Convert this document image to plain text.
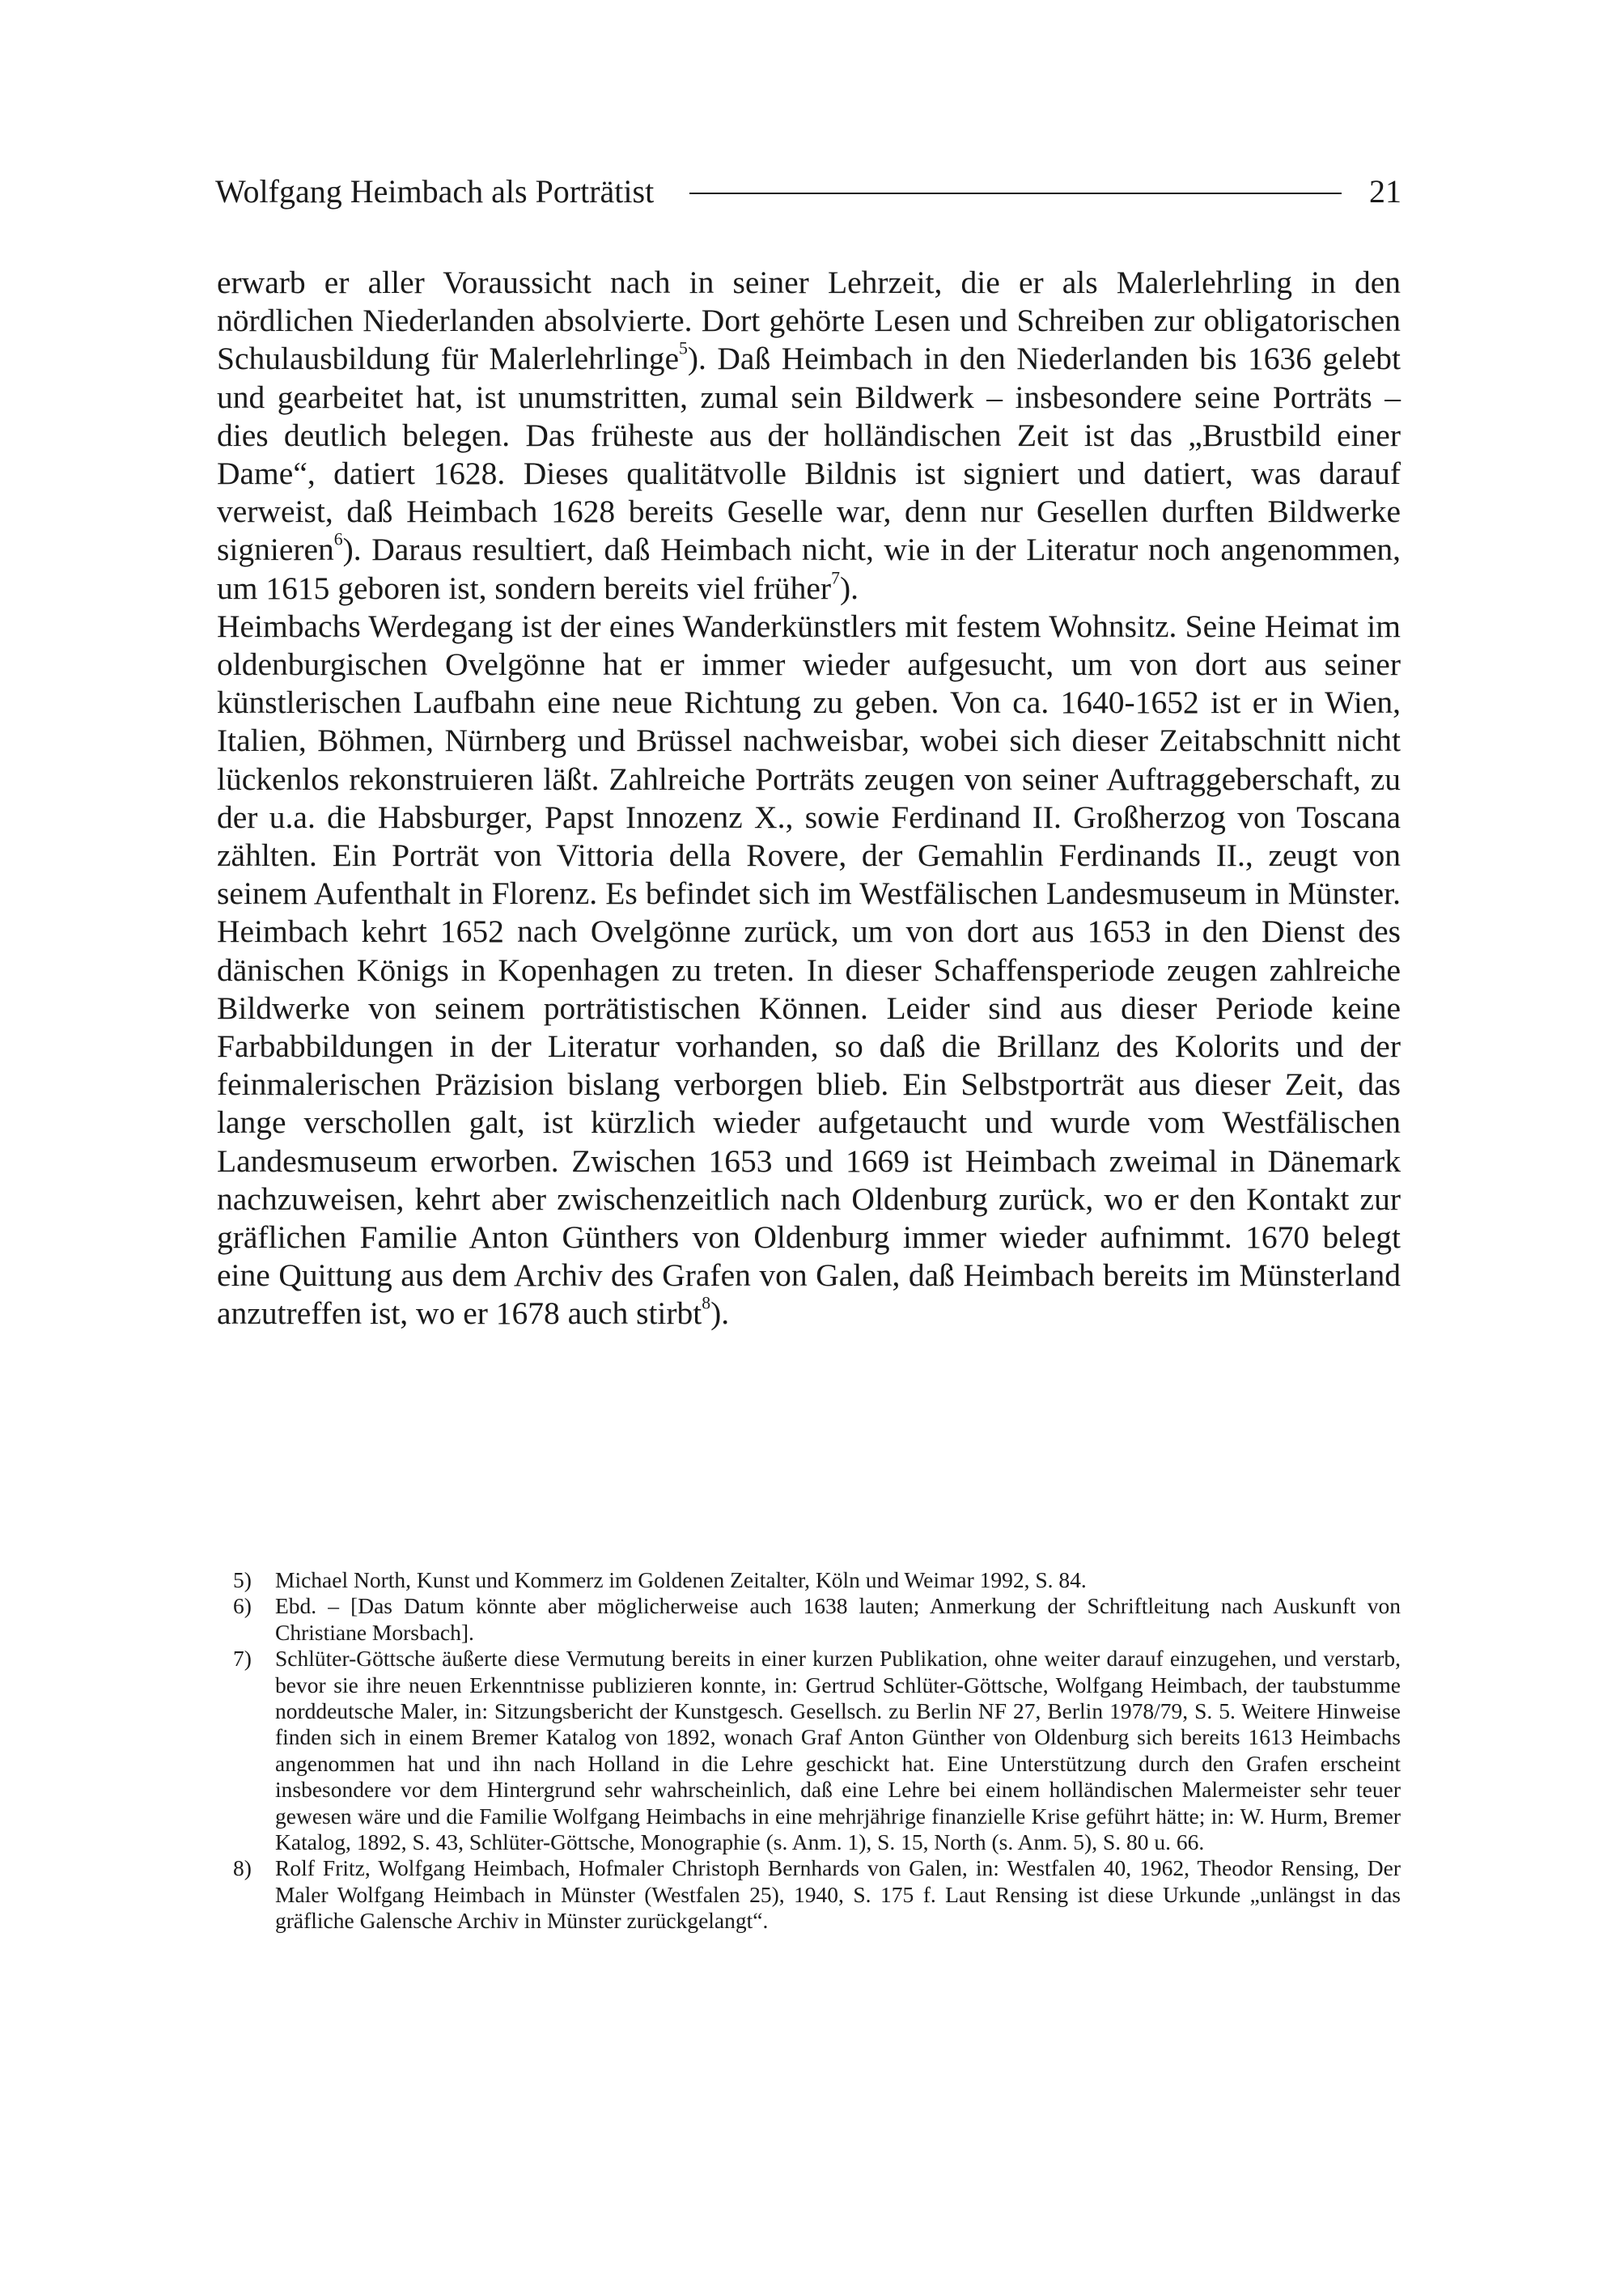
Wolfgang Heimbach als Porträtist	21

erwarb er aller Voraussicht nach in seiner Lehrzeit, die er als Malerlehrling in den nördlichen Niederlanden absolvierte. Dort gehörte Lesen und Schreiben zur obligatorischen Schulausbildung für Malerlehrlinge$^5$). Daß Heimbach in den Niederlanden bis 1636 gelebt und gearbeitet hat, ist unumstritten, zumal sein Bildwerk – insbesondere seine Porträts – dies deutlich belegen. Das früheste aus der holländischen Zeit ist das „Brustbild einer Dame“, datiert 1628. Dieses qualitätvolle Bildnis ist signiert und datiert, was darauf verweist, daß Heimbach 1628 bereits Geselle war, denn nur Gesellen durften Bildwerke signieren$^6$). Daraus resultiert, daß Heimbach nicht, wie in der Literatur noch angenommen, um 1615 geboren ist, sondern bereits viel früher$^7$).

Heimbachs Werdegang ist der eines Wanderkünstlers mit festem Wohnsitz. Seine Heimat im oldenburgischen Ovelgönne hat er immer wieder aufgesucht, um von dort aus seiner künstlerischen Laufbahn eine neue Richtung zu geben. Von ca. 1640-1652 ist er in Wien, Italien, Böhmen, Nürnberg und Brüssel nachweisbar, wobei sich dieser Zeitabschnitt nicht lückenlos rekonstruieren läßt. Zahlreiche Porträts zeugen von seiner Auftraggeberschaft, zu der u.a. die Habsburger, Papst Innozenz X., sowie Ferdinand II. Großherzog von Toscana zählten. Ein Porträt von Vittoria della Rovere, der Gemahlin Ferdinands II., zeugt von seinem Aufenthalt in Florenz. Es befindet sich im Westfälischen Landesmuseum in Münster. Heimbach kehrt 1652 nach Ovelgönne zurück, um von dort aus 1653 in den Dienst des dänischen Königs in Kopenhagen zu treten. In dieser Schaffensperiode zeugen zahlreiche Bildwerke von seinem porträtistischen Können. Leider sind aus dieser Periode keine Farbabbildungen in der Literatur vorhanden, so daß die Brillanz des Kolorits und der feinmalerischen Präzision bislang verborgen blieb. Ein Selbstporträt aus dieser Zeit, das lange verschollen galt, ist kürzlich wieder aufgetaucht und wurde vom Westfälischen Landesmuseum erworben. Zwischen 1653 und 1669 ist Heimbach zweimal in Dänemark nachzuweisen, kehrt aber zwischenzeitlich nach Oldenburg zurück, wo er den Kontakt zur gräflichen Familie Anton Günthers von Oldenburg immer wieder aufnimmt. 1670 belegt eine Quittung aus dem Archiv des Grafen von Galen, daß Heimbach bereits im Münsterland anzutreffen ist, wo er 1678 auch stirbt$^8$).

5)	Michael North, Kunst und Kommerz im Goldenen Zeitalter, Köln und Weimar 1992, S. 84.
6)	Ebd. – [Das Datum könnte aber möglicherweise auch 1638 lauten; Anmerkung der Schriftleitung nach Auskunft von Christiane Morsbach].
7)	Schlüter-Göttsche äußerte diese Vermutung bereits in einer kurzen Publikation, ohne weiter darauf einzugehen, und verstarb, bevor sie ihre neuen Erkenntnisse publizieren konnte, in: Gertrud Schlüter-Göttsche, Wolfgang Heimbach, der taubstumme norddeutsche Maler, in: Sitzungsbericht der Kunstgesch. Gesellsch. zu Berlin NF 27, Berlin 1978/79, S. 5. Weitere Hinweise finden sich in einem Bremer Katalog von 1892, wonach Graf Anton Günther von Oldenburg sich bereits 1613 Heimbachs angenommen hat und ihn nach Holland in die Lehre geschickt hat. Eine Unterstützung durch den Grafen erscheint insbesondere vor dem Hintergrund sehr wahrscheinlich, daß eine Lehre bei einem holländischen Malermeister sehr teuer gewesen wäre und die Familie Wolfgang Heimbachs in eine mehrjährige finanzielle Krise geführt hätte; in: W. Hurm, Bremer Katalog, 1892, S. 43, Schlüter-Göttsche, Monographie (s. Anm. 1), S. 15, North (s. Anm. 5), S. 80 u. 66.
8)	Rolf Fritz, Wolfgang Heimbach, Hofmaler Christoph Bernhards von Galen, in: Westfalen 40, 1962, Theodor Rensing, Der Maler Wolfgang Heimbach in Münster (Westfalen 25), 1940, S. 175 f. Laut Rensing ist diese Urkunde „unlängst in das gräfliche Galensche Archiv in Münster zurückgelangt“.
